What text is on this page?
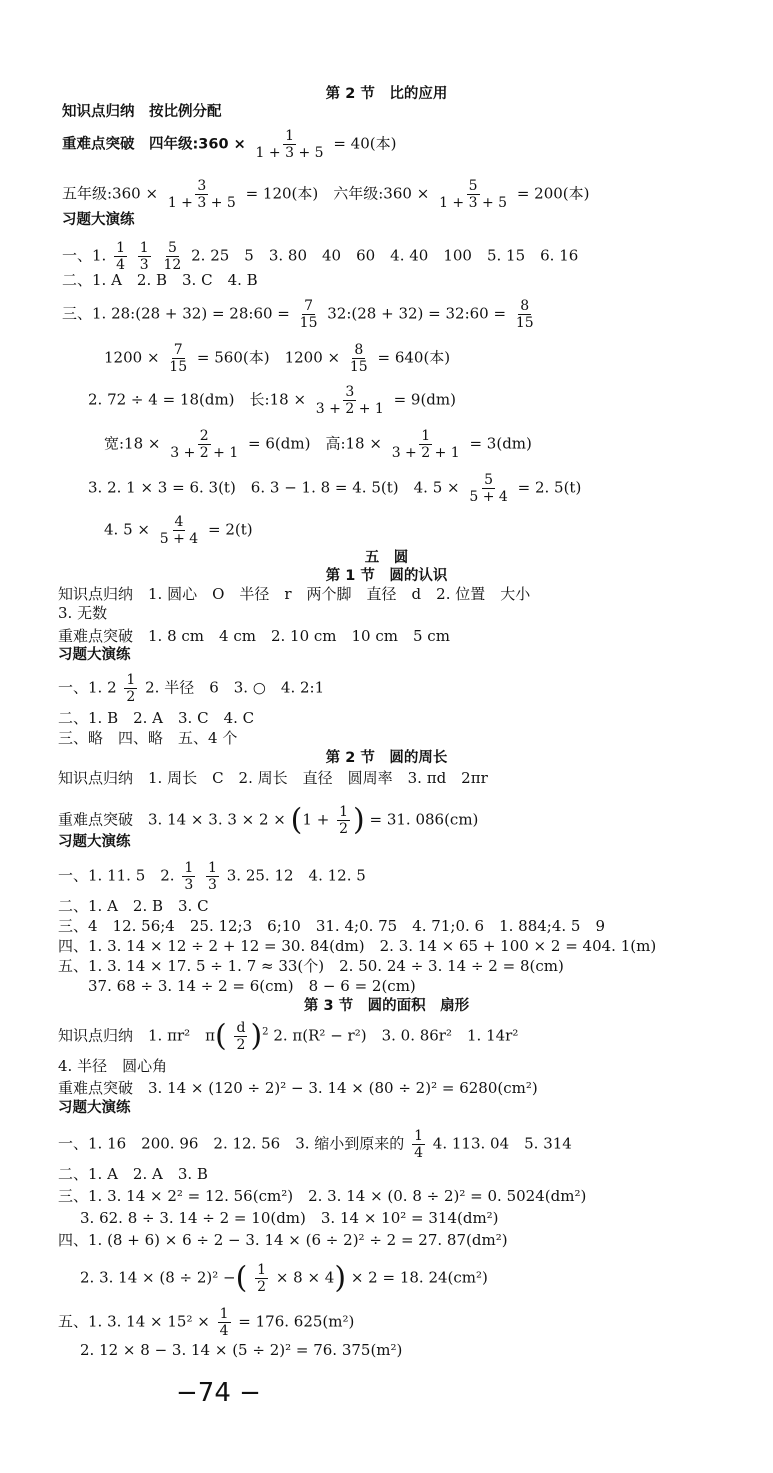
第 2 节　比的应用
知识点归纳　按比例分配
重难点突破　四年级:360 × $\frac{1}{1 + 3 + 5} = 40$(本)
五年级:360 × $\frac{3}{1 + 3 + 5} = 120$(本)　六年级:360 × $\frac{5}{1 + 3 + 5} = 200$(本)
习题大演练
一、1. $\frac{1}{4}$
$\frac{1}{3}$
$\frac{5}{12} 2$. 25　5　3. 80　40　60　4. 40　100　5. 15　6. 16
二、1. A　2. B　3. C　4. B
三、1. 28:(28 + 32) = 28:60 = $\frac{7}{15}$ 32:(28 + 32) = 32:60 = $\frac{8}{15}$
$1200 \times \frac{7}{15} = 560$(本)　$1200 \times \frac{8}{15} = 640$(本)
2. 72 ÷ 4 = 18(dm)　长:18 × $\frac{3}{3 + 2 + 1} = 9(dm)$
宽:18 × $\frac{2}{3 + 2 + 1} = 6(dm)$　高:18 × $\frac{1}{3 + 2 + 1} = 3(dm)$
3. 2. 1 × 3 = 6. 3(t)　6. 3 − 1. 8 = 4. 5(t)　4. $5 \times \frac{5}{5 + 4} = 2$. 5(t)
4. $5 \times \frac{4}{5 + 4} = 2(t)$
五　圆
第 1 节　圆的认识
知识点归纳　1. 圆心　O　半径　r　两个脚　直径　d　2. 位置　大小
3. 无数
重难点突破　1. 8 cm　4 cm　2. 10 cm　10 cm　5 cm
习题大演练
一、1. $2 \frac{1}{2} 2$. 半径　6　3. ○　4. 2:1
二、1. B　2. A　3. C　4. C
三、略　四、略　五、4 个
第 2 节　圆的周长
知识点归纳　1. 周长　C　2. 周长　直径　圆周率　3. πd　2πr
重难点突破　3. 14 × 3. $3 \times 2 \times (1 + \frac{1}{2}$ ) = 31. 086(cm)
习题大演练
一、1. 11. 5　2. $\frac{1}{3}$
$\frac{1}{3} 3$. 25. 12　4. 12. 5
二、1. A　2. B　3. C
三、4　12. 56;4　25. 12;3　6;10　31. 4;0. 75　4. 71;0. 6　1. 884;4. 5　9
四、1. 3. 14 × 12 ÷ 2 + 12 = 30. 84(dm)　2. 3. 14 × 65 + 100 × 2 = 404. 1(m)
五、1. 3. 14 × 17. 5 ÷ 1. 7 ≈ 33(个)　2. 50. 24 ÷ 3. 14 ÷ 2 = 8(cm)
37. 68 ÷ 3. 14 ÷ 2 = 6(cm)　8 − 6 = 2(cm)
第 3 节　圆的面积　扇形
知识点归纳　1. πr²　$\pi( \frac{d}{2} )^2$ 2. π(R² − r²)　3. 0. 86r²　1. 14r²
4. 半径　圆心角
重难点突破　3. 14 × (120 ÷ 2)² − 3. 14 × (80 ÷ 2)² = 6280(cm²)
习题大演练
一、1. 16　200. 96　2. 12. 56　3. 缩小到原来的 $\frac{1}{4} 4$. 113. 04　5. 314
二、1. A　2. A　3. B
三、1. 3. 14 × 2² = 12. 56(cm²)　2. 3. 14 × (0. 8 ÷ 2)² = 0. 5024(dm²)
3. 62. 8 ÷ 3. 14 ÷ 2 = 10(dm)　3. 14 × 10² = 314(dm²)
四、1. (8 + 6) × 6 ÷ 2 − 3. 14 × (6 ÷ 2)² ÷ 2 = 27. 87(dm²)
2. 3. 14 × (8 ÷ 2)² −( $\frac{1}{2} \times 8 \times 4) \times 2 = 18$. 24(cm²)
五、1. 3. $14 \times 15^2 \times \frac{1}{4} = 176$. 625(m²)
2. 12 × 8 − 3. 14 × (5 ÷ 2)² = 76. 375(m²)
−74 −
